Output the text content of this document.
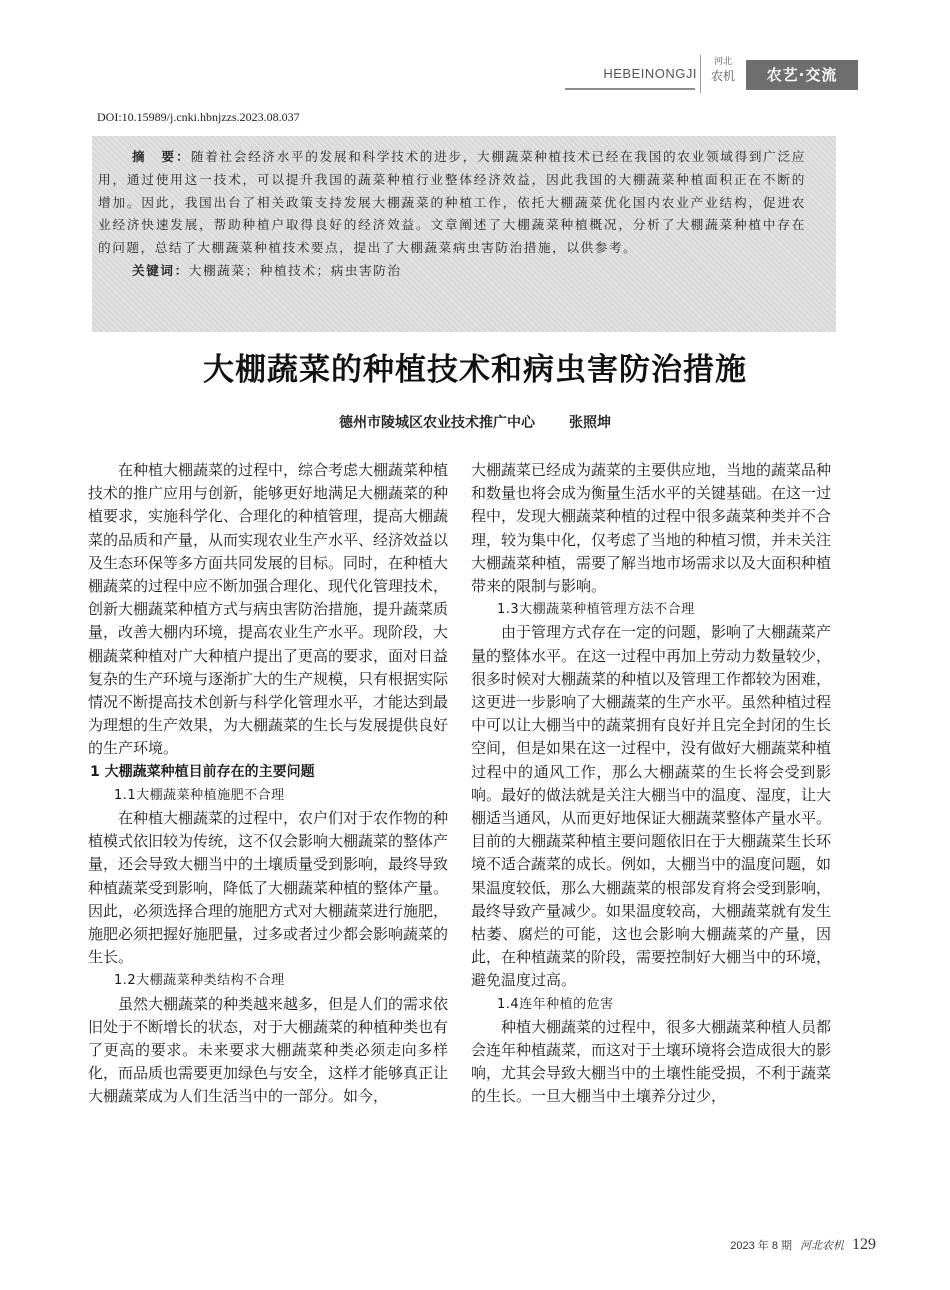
HEBEINONGJI
河北
农机	农艺·交流
DOI:10.15989/j.cnki.hbnjzzs.2023.08.037
摘　要：随着社会经济水平的发展和科学技术的进步，大棚蔬菜种植技术已经在我国的农业领域得到广泛应用，通过使用这一技术，可以提升我国的蔬菜种植行业整体经济效益，因此我国的大棚蔬菜种植面积正在不断的增加。因此，我国出台了相关政策支持发展大棚蔬菜的种植工作，依托大棚蔬菜优化国内农业产业结构，促进农业经济快速发展，帮助种植户取得良好的经济效益。文章阐述了大棚蔬菜种植概况，分析了大棚蔬菜种植中存在的问题，总结了大棚蔬菜种植技术要点，提出了大棚蔬菜病虫害防治措施，以供参考。
关键词：大棚蔬菜；种植技术；病虫害防治
大棚蔬菜的种植技术和病虫害防治措施
德州市陵城区农业技术推广中心 张照坤

在种植大棚蔬菜的过程中，综合考虑大棚蔬菜种植技术的推广应用与创新，能够更好地满足大棚蔬菜的种植要求，实施科学化、合理化的种植管理，提高大棚蔬菜的品质和产量，从而实现农业生产水平、经济效益以及生态环保等多方面共同发展的目标。同时，在种植大棚蔬菜的过程中应不断加强合理化、现代化管理技术，创新大棚蔬菜种植方式与病虫害防治措施，提升蔬菜质量，改善大棚内环境，提高农业生产水平。现阶段，大棚蔬菜种植对广大种植户提出了更高的要求，面对日益复杂的生产环境与逐渐扩大的生产规模，只有根据实际情况不断提高技术创新与科学化管理水平，才能达到最为理想的生产效果，为大棚蔬菜的生长与发展提供良好的生产环境。

1 大棚蔬菜种植目前存在的主要问题
1.1大棚蔬菜种植施肥不合理

在种植大棚蔬菜的过程中，农户们对于农作物的种植模式依旧较为传统，这不仅会影响大棚蔬菜的整体产量，还会导致大棚当中的土壤质量受到影响，最终导致种植蔬菜受到影响，降低了大棚蔬菜种植的整体产量。因此，必须选择合理的施肥方式对大棚蔬菜进行施肥，施肥必须把握好施肥量，过多或者过少都会影响蔬菜的生长。

1.2大棚蔬菜种类结构不合理

虽然大棚蔬菜的种类越来越多，但是人们的需求依旧处于不断增长的状态，对于大棚蔬菜的种植种类也有了更高的要求。未来要求大棚蔬菜种类必须走向多样化，而品质也需要更加绿色与安全，这样才能够真正让大棚蔬菜成为人们生活当中的一部分。如今，

大棚蔬菜已经成为蔬菜的主要供应地，当地的蔬菜品种和数量也将会成为衡量生活水平的关键基础。在这一过程中，发现大棚蔬菜种植的过程中很多蔬菜种类并不合理，较为集中化，仅考虑了当地的种植习惯，并未关注大棚蔬菜种植，需要了解当地市场需求以及大面积种植带来的限制与影响。

1.3大棚蔬菜种植管理方法不合理

由于管理方式存在一定的问题，影响了大棚蔬菜产量的整体水平。在这一过程中再加上劳动力数量较少，很多时候对大棚蔬菜的种植以及管理工作都较为困难，这更进一步影响了大棚蔬菜的生产水平。虽然种植过程中可以让大棚当中的蔬菜拥有良好并且完全封闭的生长空间，但是如果在这一过程中，没有做好大棚蔬菜种植过程中的通风工作，那么大棚蔬菜的生长将会受到影响。最好的做法就是关注大棚当中的温度、湿度，让大棚适当通风，从而更好地保证大棚蔬菜整体产量水平。目前的大棚蔬菜种植主要问题依旧在于大棚蔬菜生长环境不适合蔬菜的成长。例如，大棚当中的温度问题，如果温度较低，那么大棚蔬菜的根部发育将会受到影响，最终导致产量减少。如果温度较高，大棚蔬菜就有发生枯萎、腐烂的可能，这也会影响大棚蔬菜的产量，因此，在种植蔬菜的阶段，需要控制好大棚当中的环境，避免温度过高。

1.4连年种植的危害

种植大棚蔬菜的过程中，很多大棚蔬菜种植人员都会连年种植蔬菜，而这对于土壤环境将会造成很大的影响，尤其会导致大棚当中的土壤性能受损，不利于蔬菜的生长。一旦大棚当中土壤养分过少，

2023 年 8 期 河北农机 129
